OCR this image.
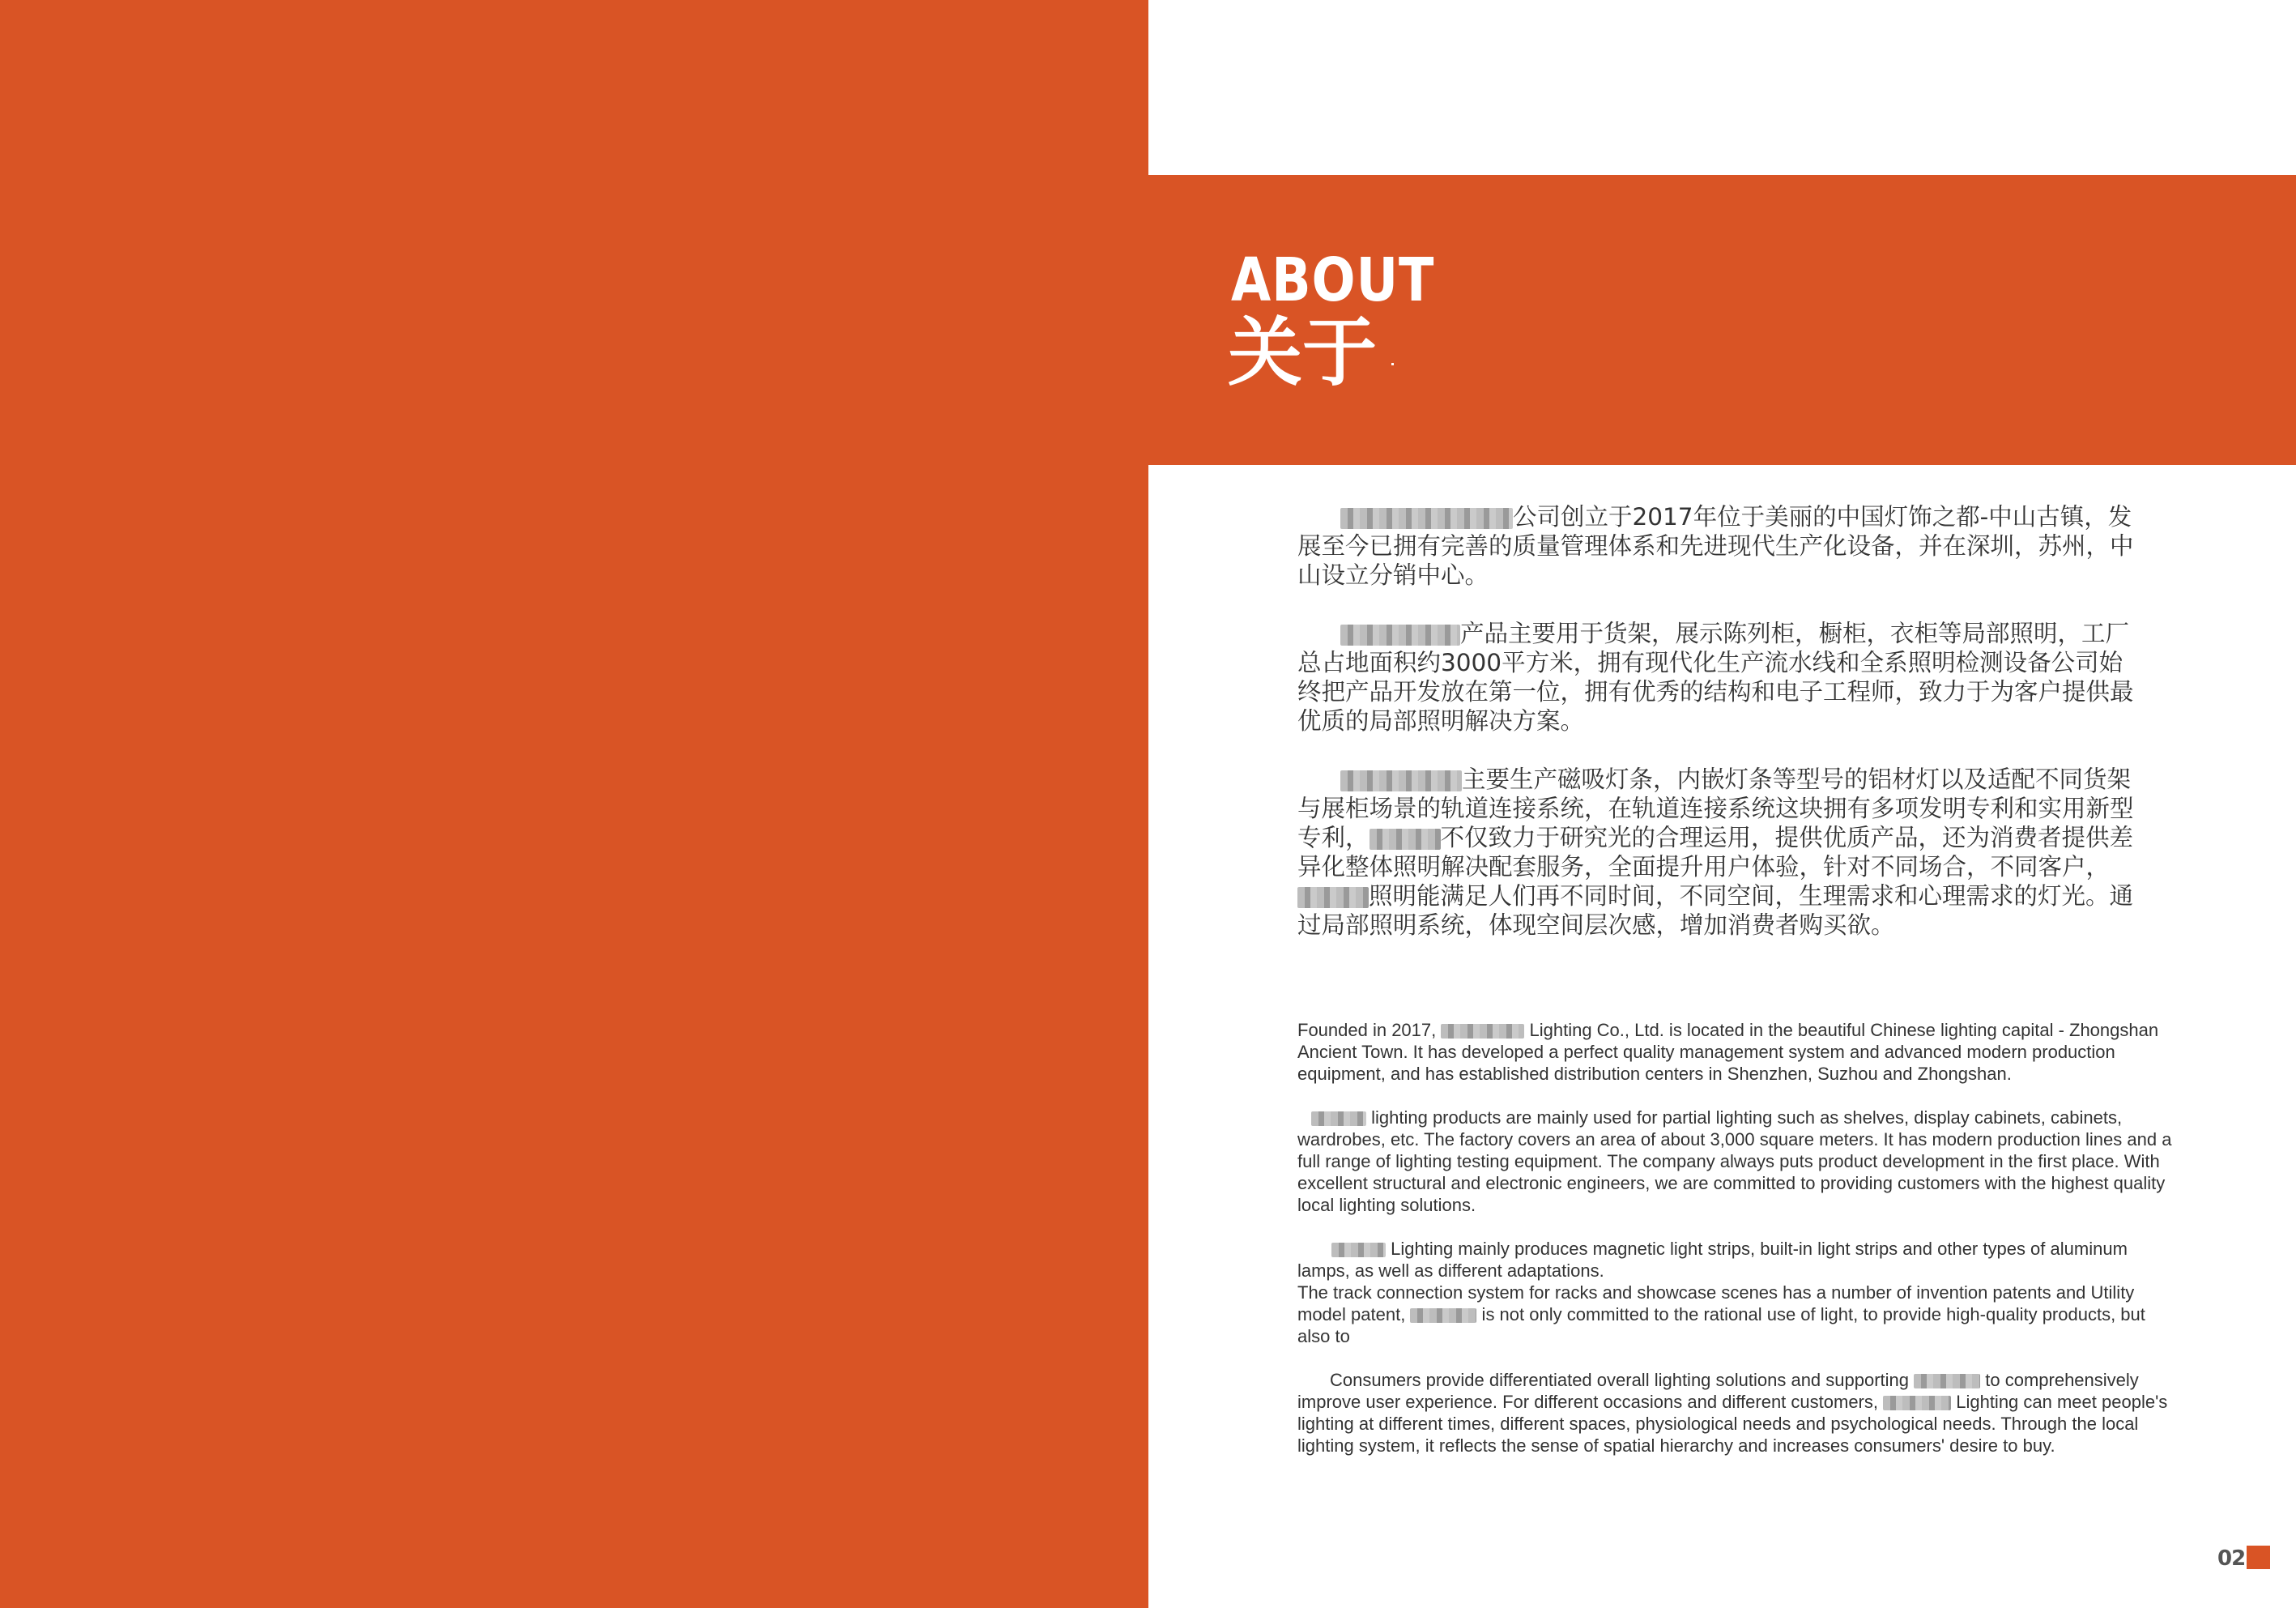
ABOUT
关于

公司创立于2017年位于美丽的中国灯饰之都-中山古镇，发展至今已拥有完善的质量管理体系和先进现代生产化设备，并在深圳，苏州，中山设立分销中心。

产品主要用于货架，展示陈列柜，橱柜，衣柜等局部照明，工厂总占地面积约3000平方米，拥有现代化生产流水线和全系照明检测设备公司始终把产品开发放在第一位，拥有优秀的结构和电子工程师，致力于为客户提供最优质的局部照明解决方案。

主要生产磁吸灯条，内嵌灯条等型号的铝材灯以及适配不同货架与展柜场景的轨道连接系统，在轨道连接系统这块拥有多项发明专利和实用新型专利，	不仅致力于研究光的合理运用，提供优质产品，还为消费者提供差异化整体照明解决配套服务，全面提升用户体验，针对不同场合，不同客户，照明能满足人们再不同时间，不同空间，生理需求和心理需求的灯光。通过局部照明系统，体现空间层次感，增加消费者购买欲。

Founded in 2017,	Lighting Co., Ltd. is located in the beautiful Chinese lighting capital - Zhongshan Ancient Town. It has developed a perfect quality management system and advanced modern production equipment, and has established distribution centers in Shenzhen, Suzhou and Zhongshan.

lighting products are mainly used for partial lighting such as shelves, display cabinets, cabinets, wardrobes, etc. The factory covers an area of about 3,000 square meters. It has modern production lines and a full range of lighting testing equipment. The company always puts product development in the first place. With excellent structural and electronic engineers, we are committed to providing customers with the highest quality local lighting solutions.

Lighting mainly produces magnetic light strips, built-in light strips and other types of aluminum lamps, as well as different adaptations.
The track connection system for racks and showcase scenes has a number of invention patents and Utility model patent,	is not only committed to the rational use of light, to provide high-quality products, but also to

Consumers provide differentiated overall lighting solutions and supporting	to comprehensively improve user experience. For different occasions and different customers,	Lighting can meet people's lighting at different times, different spaces, physiological needs and psychological needs. Through the local lighting system, it reflects the sense of spatial hierarchy and increases consumers' desire to buy.

02
